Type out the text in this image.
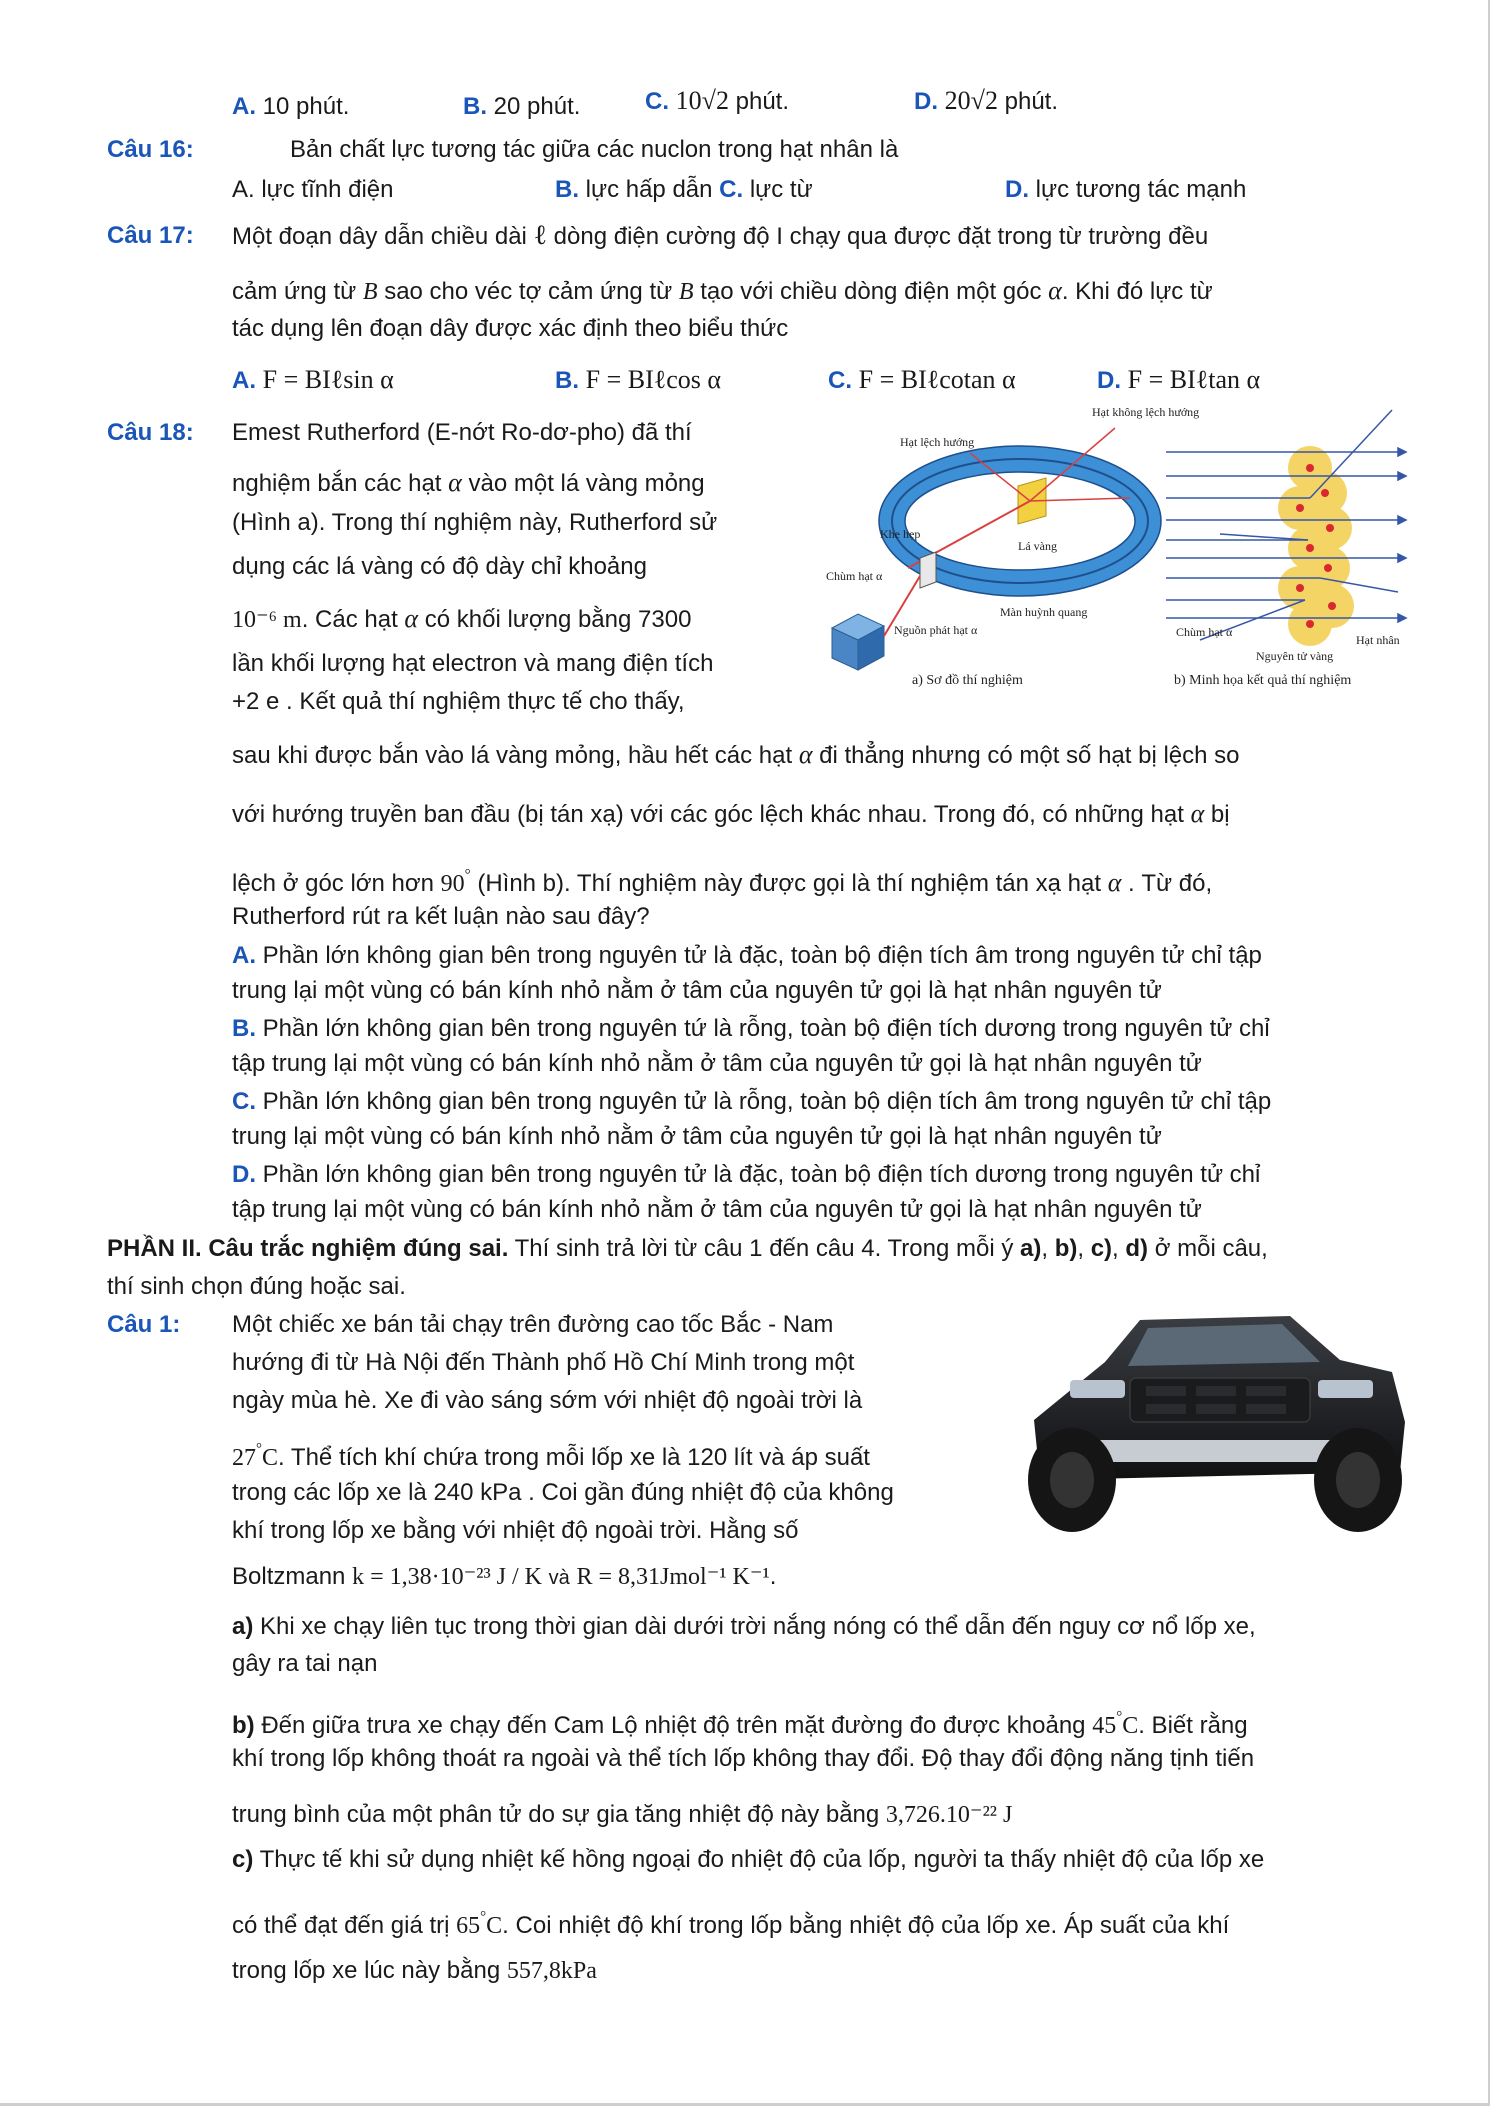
A. 10 phút.	B. 20 phút.	C. 10√2 phút.	D. 20√2 phút.
Câu 16:	Bản chất lực tương tác giữa các nuclon trong hạt nhân là
A. lực tĩnh điện	B. lực hấp dẫn C. lực từ	D. lực tương tác mạnh
Câu 17: Một đoạn dây dẫn chiều dài ℓ dòng điện cường độ I chạy qua được đặt trong từ trường đều
cảm ứng từ B sao cho véc tợ cảm ứng từ B tạo với chiều dòng điện một góc α. Khi đó lực từ
tác dụng lên đoạn dây được xác định theo biểu thức
A. F = BIℓsin α	B. F = BIℓcos α	C. F = BIℓcotan α	D. F = BIℓtan α
Câu 18: Emest Rutherford (E-nớt Ro-dơ-pho) đã thí
nghiệm bắn các hạt α vào một lá vàng mỏng
(Hình a). Trong thí nghiệm này, Rutherford sử
dụng các lá vàng có độ dày chỉ khoảng
10⁻⁶ m. Các hạt α có khối lượng bằng 7300
lần khối lượng hạt electron và mang điện tích
+2 e . Kết quả thí nghiệm thực tế cho thấy,
Hạt lệch hướng
Hạt không lệch hướng
Khe hẹp
Lá vàng
Chùm hạt α
Màn huỳnh quang
Nguồn phát hạt α
a) Sơ đồ thí nghiệm
Chùm hạt α
Hạt nhân
Nguyên tử vàng
b) Minh họa kết quả thí nghiệm
sau khi được bắn vào lá vàng mỏng, hầu hết các hạt α đi thẳng nhưng có một số hạt bị lệch so
với hướng truyền ban đầu (bị tán xạ) với các góc lệch khác nhau. Trong đó, có những hạt α bị
lệch ở góc lớn hơn 90° (Hình b). Thí nghiệm này được gọi là thí nghiệm tán xạ hạt α . Từ đó,
Rutherford rút ra kết luận nào sau đây?
A. Phần lớn không gian bên trong nguyên tử là đặc, toàn bộ điện tích âm trong nguyên tử chỉ tập
trung lại một vùng có bán kính nhỏ nằm ở tâm của nguyên tử gọi là hạt nhân nguyên tử
B. Phần lớn không gian bên trong nguyên tứ là rỗng, toàn bộ điện tích dương trong nguyên tử chỉ
tập trung lại một vùng có bán kính nhỏ nằm ở tâm của nguyên tử gọi là hạt nhân nguyên tử
C. Phần lớn không gian bên trong nguyên tử là rỗng, toàn bộ diện tích âm trong nguyên tử chỉ tập
trung lại một vùng có bán kính nhỏ nằm ở tâm của nguyên tử gọi là hạt nhân nguyên tử
D. Phần lớn không gian bên trong nguyên tử là đặc, toàn bộ điện tích dương trong nguyên tử chỉ
tập trung lại một vùng có bán kính nhỏ nằm ở tâm của nguyên tử gọi là hạt nhân nguyên tử
PHẦN II. Câu trắc nghiệm đúng sai. Thí sinh trả lời từ câu 1 đến câu 4. Trong mỗi ý a), b), c), d) ở mỗi câu,
thí sinh chọn đúng hoặc sai.
Câu 1: Một chiếc xe bán tải chạy trên đường cao tốc Bắc - Nam
hướng đi từ Hà Nội đến Thành phố Hồ Chí Minh trong một
ngày mùa hè. Xe đi vào sáng sớm với nhiệt độ ngoài trời là
27°C. Thể tích khí chứa trong mỗi lốp xe là 120 lít và áp suất
trong các lốp xe là 240 kPa . Coi gần đúng nhiệt độ của không
khí trong lốp xe bằng với nhiệt độ ngoài trời. Hằng số
Boltzmann k = 1,38·10⁻²³ J / K và R = 8,31Jmol⁻¹ K⁻¹.
a) Khi xe chạy liên tục trong thời gian dài dưới trời nắng nóng có thể dẫn đến nguy cơ nổ lốp xe,
gây ra tai nạn
b) Đến giữa trưa xe chạy đến Cam Lộ nhiệt độ trên mặt đường đo được khoảng 45°C. Biết rằng
khí trong lốp không thoát ra ngoài và thể tích lốp không thay đổi. Độ thay đổi động năng tịnh tiến
trung bình của một phân tử do sự gia tăng nhiệt độ này bằng 3,726.10⁻²² J
c) Thực tế khi sử dụng nhiệt kế hồng ngoại đo nhiệt độ của lốp, người ta thấy nhiệt độ của lốp xe
có thể đạt đến giá trị 65°C. Coi nhiệt độ khí trong lốp bằng nhiệt độ của lốp xe. Áp suất của khí
trong lốp xe lúc này bằng 557,8kPa
